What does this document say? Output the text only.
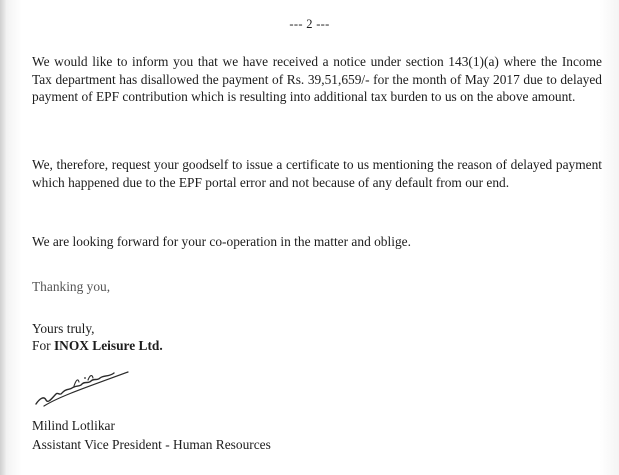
--- 2 ---

We would like to inform you that we have received a notice under section 143(1)(a) where the Income Tax department has disallowed the payment of Rs. 39,51,659/- for the month of May 2017 due to delayed payment of EPF contribution which is resulting into additional tax burden to us on the above amount.

We, therefore, request your goodself to issue a certificate to us mentioning the reason of delayed payment which happened due to the EPF portal error and not because of any default from our end.

We are looking forward for your co-operation in the matter and oblige.

Thanking you,
Yours truly,
For INOX Leisure Ltd.
Milind Lotlikar
Assistant Vice President - Human Resources
